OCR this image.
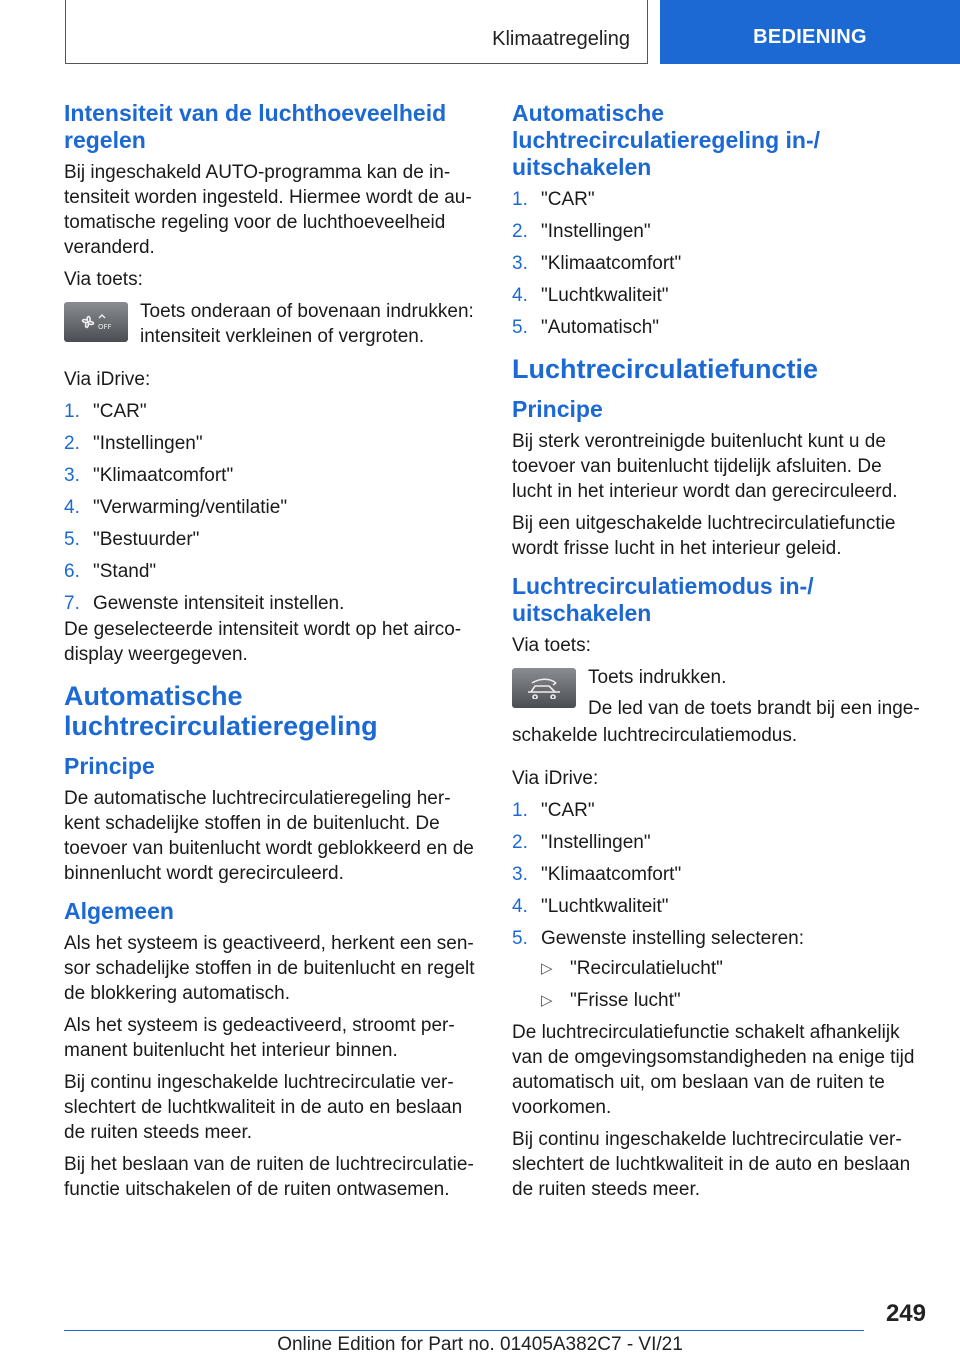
Klimaatregeling	BEDIENING
Intensiteit van de luchthoeveelheid regelen

Bij ingeschakeld AUTO-programma kan de in-tensiteit worden ingesteld. Hiermee wordt de au-tomatische regeling voor de luchthoeveelheid veranderd.

Via toets:

OFF

Toets onderaan of bovenaan indrukken: intensiteit verkleinen of vergroten.

Via iDrive:

1. "CAR"
2. "Instellingen"
3. "Klimaatcomfort"
4. "Verwarming/ventilatie"
5. "Bestuurder"
6. "Stand"
7. Gewenste intensiteit instellen.

De geselecteerde intensiteit wordt op het airco-display weergegeven.

Automatische luchtrecirculatieregeling
Principe

De automatische luchtrecirculatieregeling her-kent schadelijke stoffen in de buitenlucht. De toevoer van buitenlucht wordt geblokkeerd en de binnenlucht wordt gerecirculeerd.

Algemeen

Als het systeem is geactiveerd, herkent een sen-sor schadelijke stoffen in de buitenlucht en regelt de blokkering automatisch.

Als het systeem is gedeactiveerd, stroomt per-manent buitenlucht het interieur binnen.

Bij continu ingeschakelde luchtrecirculatie ver-slechtert de luchtkwaliteit in de auto en beslaan de ruiten steeds meer.

Bij het beslaan van de ruiten de luchtrecirculatie-functie uitschakelen of de ruiten ontwasemen.

Automatische luchtrecirculatieregeling in-/ uitschakelen
1. "CAR"
2. "Instellingen"
3. "Klimaatcomfort"
4. "Luchtkwaliteit"
5. "Automatisch"
Luchtrecirculatiefunctie
Principe

Bij sterk verontreinigde buitenlucht kunt u de toevoer van buitenlucht tijdelijk afsluiten. De lucht in het interieur wordt dan gerecirculeerd.

Bij een uitgeschakelde luchtrecirculatiefunctie wordt frisse lucht in het interieur geleid.

Luchtrecirculatiemodus in-/ uitschakelen

Via toets:

Toets indrukken.

De led van de toets brandt bij een inge-

schakelde luchtrecirculatiemodus.

Via iDrive:

1. "CAR"
2. "Instellingen"
3. "Klimaatcomfort"
4. "Luchtkwaliteit"
5. Gewenste instelling selecteren:
▷ "Recirculatielucht"
▷ "Frisse lucht"

De luchtrecirculatiefunctie schakelt afhankelijk van de omgevingsomstandigheden na enige tijd automatisch uit, om beslaan van de ruiten te voorkomen.

Bij continu ingeschakelde luchtrecirculatie ver-slechtert de luchtkwaliteit in de auto en beslaan de ruiten steeds meer.

249
Online Edition for Part no. 01405A382C7 - VI/21
